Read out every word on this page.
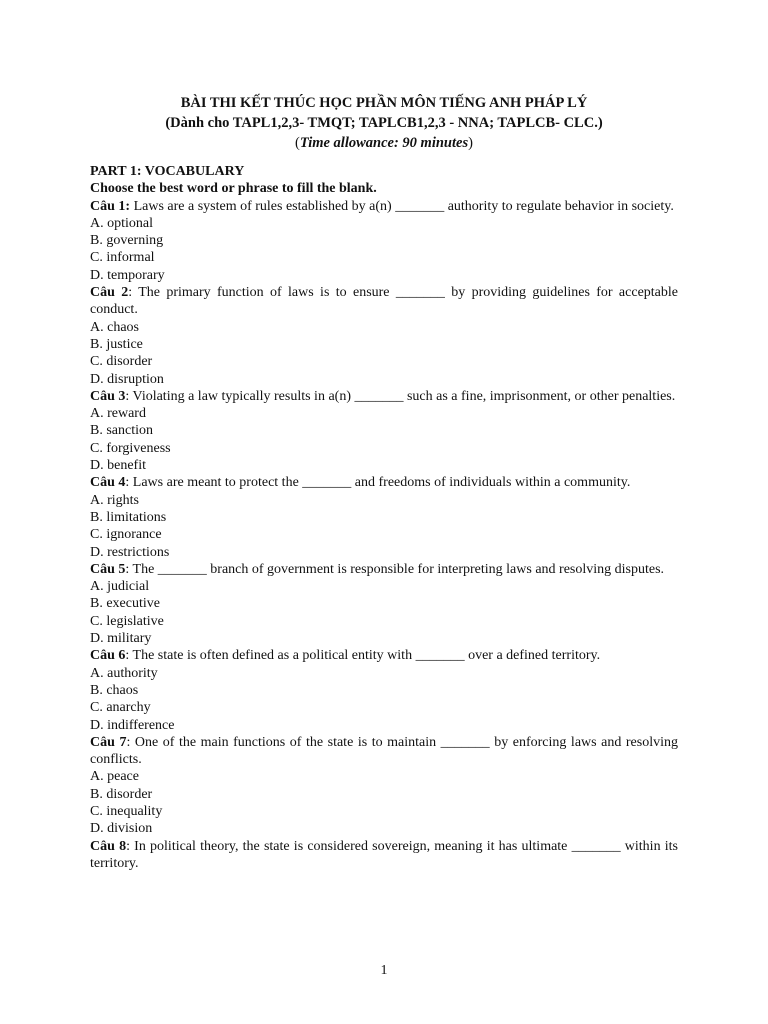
BÀI THI KẾT THÚC HỌC PHẦN MÔN TIẾNG ANH PHÁP LÝ
(Dành cho TAPL1,2,3- TMQT; TAPLCB1,2,3 - NNA; TAPLCB- CLC.)
(Time allowance: 90 minutes)
PART 1: VOCABULARY
Choose the best word or phrase to fill the blank.
Câu 1: Laws are a system of rules established by a(n) _______ authority to regulate behavior in society.
A. optional
B. governing
C. informal
D. temporary
Câu 2: The primary function of laws is to ensure _______ by providing guidelines for acceptable conduct.
A. chaos
B. justice
C. disorder
D. disruption
Câu 3: Violating a law typically results in a(n) _______ such as a fine, imprisonment, or other penalties.
A. reward
B. sanction
C. forgiveness
D. benefit
Câu 4: Laws are meant to protect the _______ and freedoms of individuals within a community.
A. rights
B. limitations
C. ignorance
D. restrictions
Câu 5: The _______ branch of government is responsible for interpreting laws and resolving disputes.
A. judicial
B. executive
C. legislative
D. military
Câu 6: The state is often defined as a political entity with _______ over a defined territory.
A. authority
B. chaos
C. anarchy
D. indifference
Câu 7: One of the main functions of the state is to maintain _______ by enforcing laws and resolving conflicts.
A. peace
B. disorder
C. inequality
D. division
Câu 8: In political theory, the state is considered sovereign, meaning it has ultimate _______ within its territory.
1
